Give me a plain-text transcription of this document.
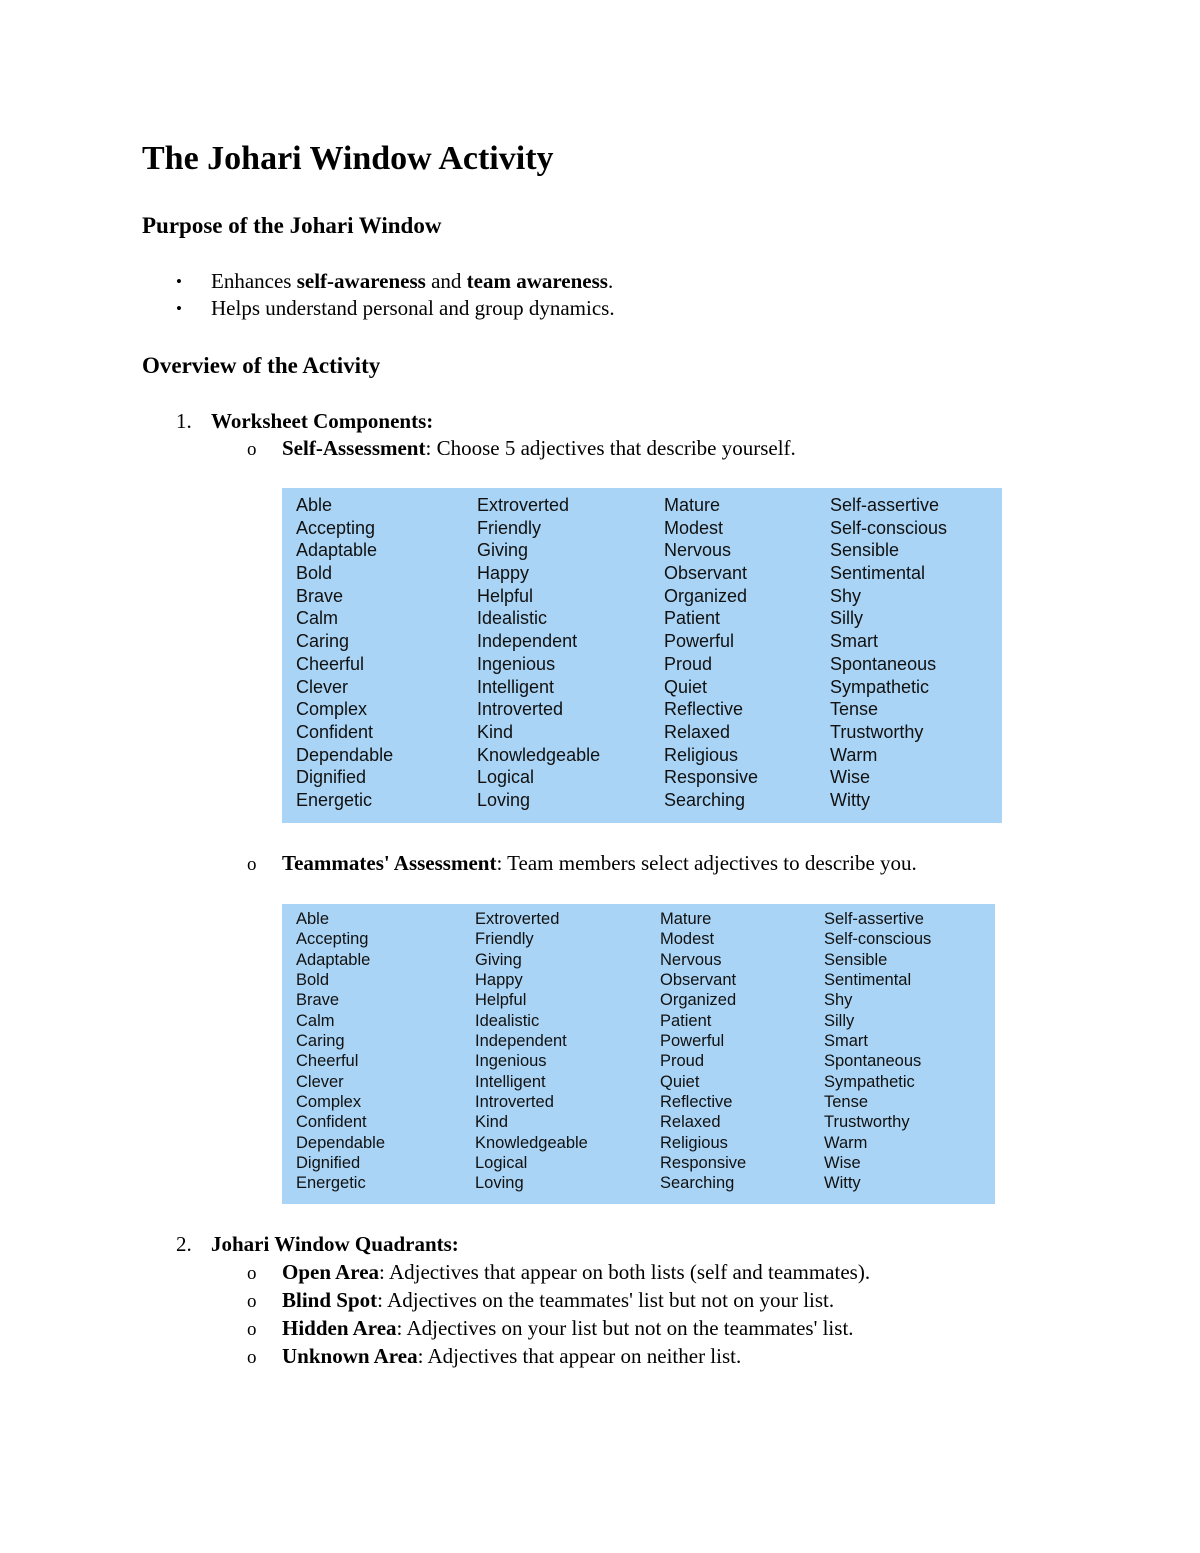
The Johari Window Activity
Purpose of the Johari Window
• Enhances self-awareness and team awareness.
• Helps understand personal and group dynamics.
Overview of the Activity
1. Worksheet Components:
o Self-Assessment: Choose 5 adjectives that describe yourself.
Able
Accepting
Adaptable
Bold
Brave
Calm
Caring
Cheerful
Clever
Complex
Confident
Dependable
Dignified
Energetic
Extroverted
Friendly
Giving
Happy
Helpful
Idealistic
Independent
Ingenious
Intelligent
Introverted
Kind
Knowledgeable
Logical
Loving
Mature
Modest
Nervous
Observant
Organized
Patient
Powerful
Proud
Quiet
Reflective
Relaxed
Religious
Responsive
Searching
Self-assertive
Self-conscious
Sensible
Sentimental
Shy
Silly
Smart
Spontaneous
Sympathetic
Tense
Trustworthy
Warm
Wise
Witty
o Teammates' Assessment: Team members select adjectives to describe you.
Able
Accepting
Adaptable
Bold
Brave
Calm
Caring
Cheerful
Clever
Complex
Confident
Dependable
Dignified
Energetic
Extroverted
Friendly
Giving
Happy
Helpful
Idealistic
Independent
Ingenious
Intelligent
Introverted
Kind
Knowledgeable
Logical
Loving
Mature
Modest
Nervous
Observant
Organized
Patient
Powerful
Proud
Quiet
Reflective
Relaxed
Religious
Responsive
Searching
Self-assertive
Self-conscious
Sensible
Sentimental
Shy
Silly
Smart
Spontaneous
Sympathetic
Tense
Trustworthy
Warm
Wise
Witty
2. Johari Window Quadrants:
o Open Area: Adjectives that appear on both lists (self and teammates).
o Blind Spot: Adjectives on the teammates' list but not on your list.
o Hidden Area: Adjectives on your list but not on the teammates' list.
o Unknown Area: Adjectives that appear on neither list.
